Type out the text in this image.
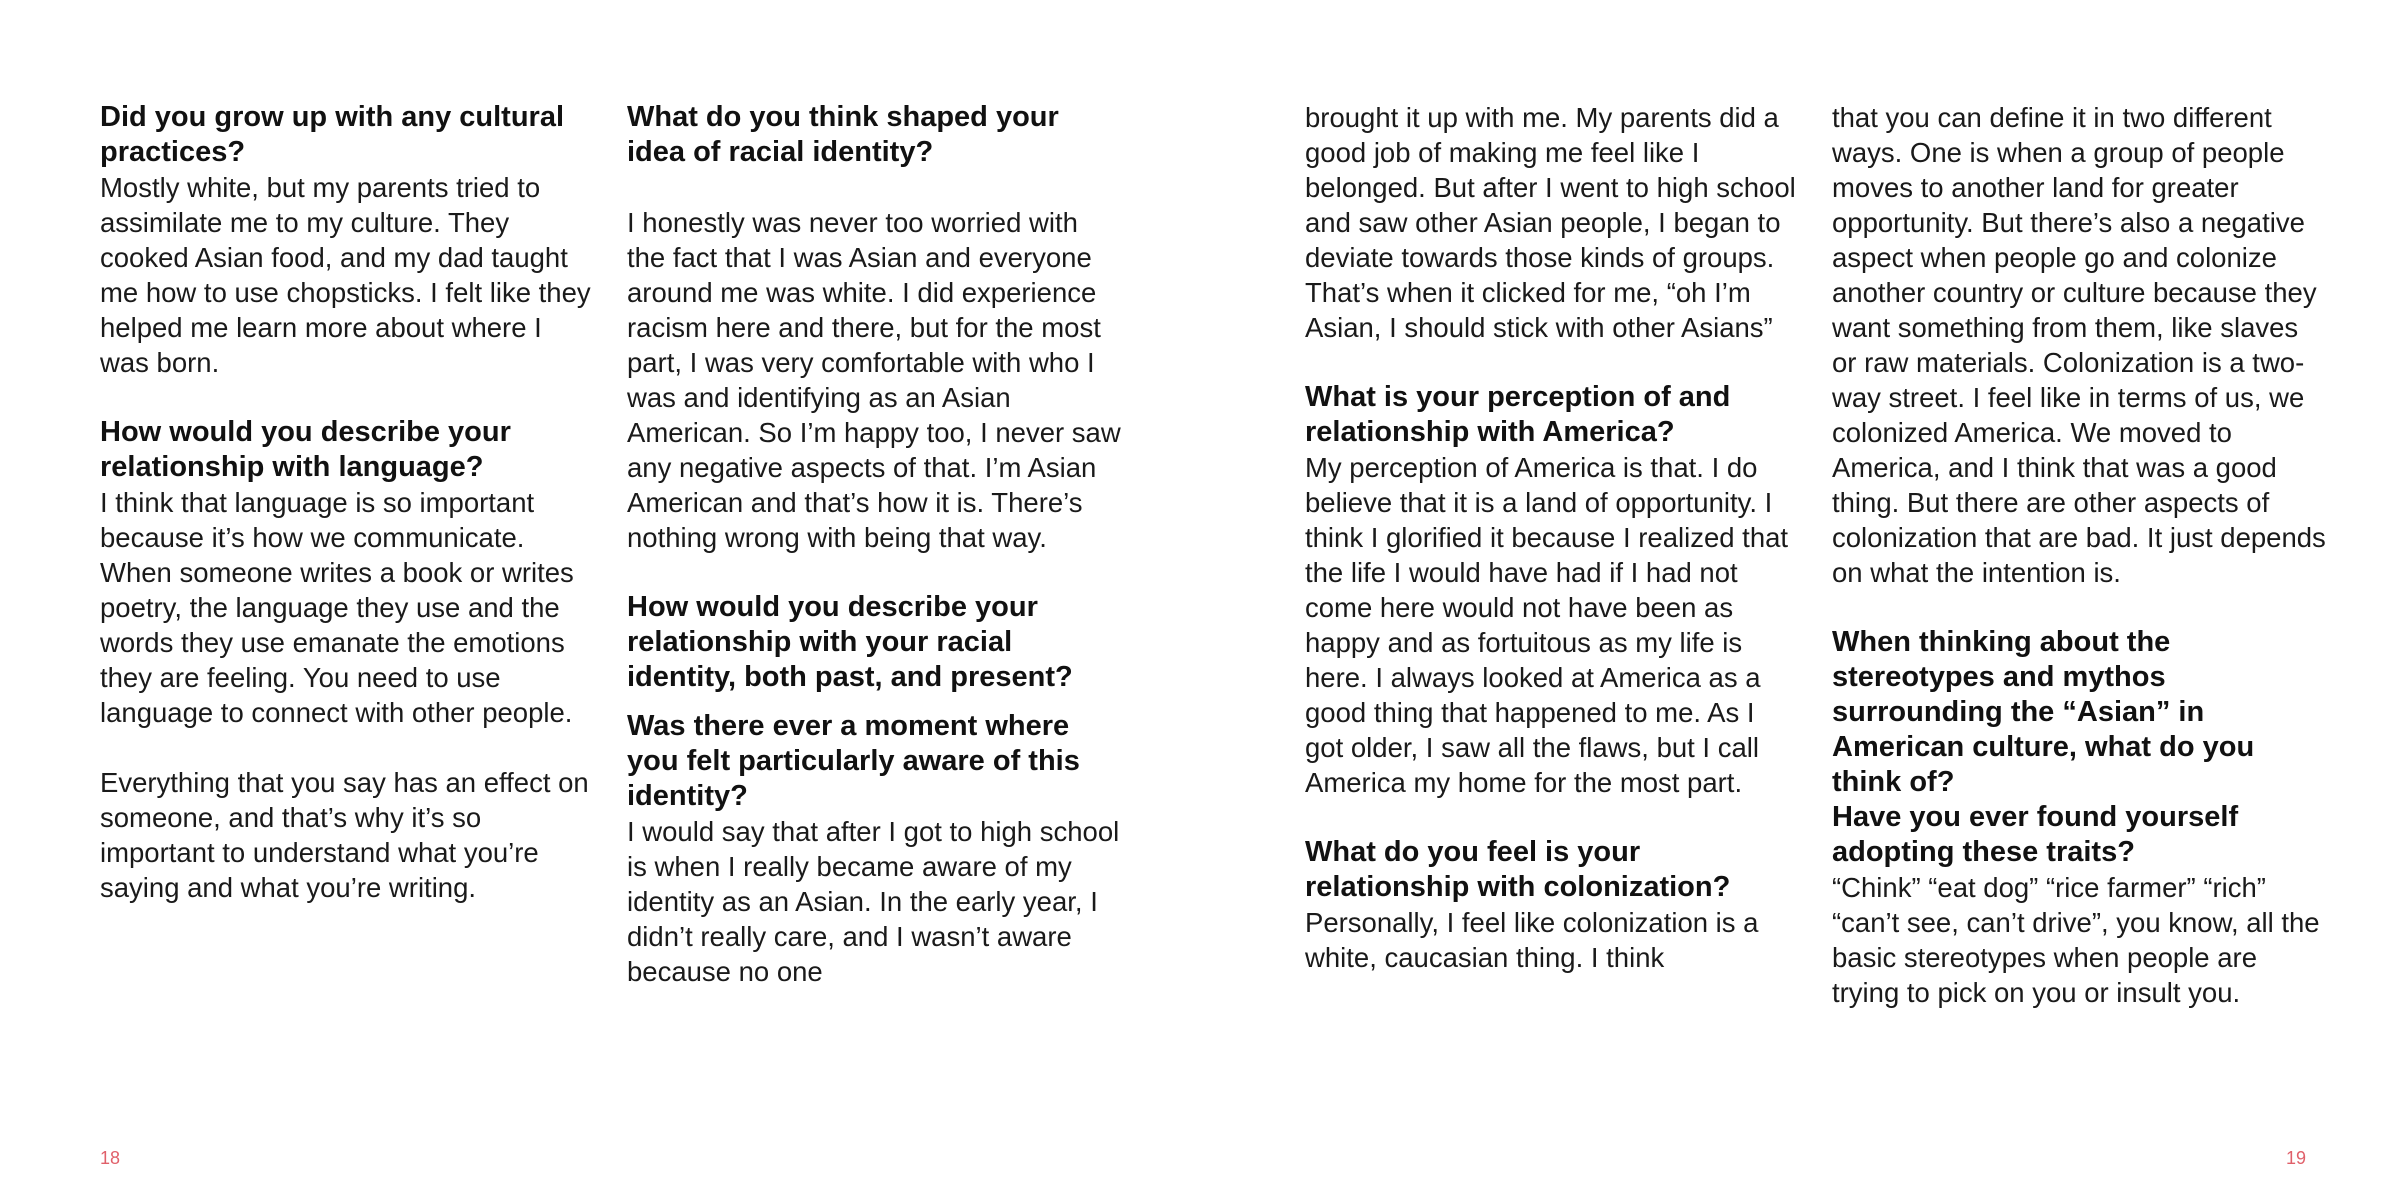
Did you grow up with any cultural practices?

Mostly white, but my parents tried to assimilate me to my culture. They cooked Asian food, and my dad taught me how to use chopsticks. I felt like they helped me learn more about where I was born.

How would you describe your relationship with language?

I think that language is so important because it’s how we communicate. When someone writes a book or writes poetry, the language they use and the words they use emanate the emotions they are feeling. You need to use language to connect with other people.

Everything that you say has an effect on someone, and that’s why it’s so important to understand what you’re saying and what you’re writing.

What do you think shaped your idea of racial identity?

I honestly was never too worried with the fact that I was Asian and everyone around me was white. I did experience racism here and there, but for the most part, I was very comfortable with who I was and identifying as an Asian American. So I’m happy too, I never saw any negative aspects of that. I’m Asian American and that’s how it is. There’s nothing wrong with being that way.

How would you describe your relationship with your racial identity, both past, and present?

Was there ever a moment where you felt particularly aware of this identity?

I would say that after I got to high school is when I really became aware of my identity as an Asian. In the early year, I didn’t really care, and I wasn’t aware because no one

18

brought it up with me. My parents did a good job of making me feel like I belonged. But after I went to high school and saw other Asian people, I began to deviate towards those kinds of groups. That’s when it clicked for me, “oh I’m Asian, I should stick with other Asians”

What is your perception of and relationship with America?

My perception of America is that. I do believe that it is a land of opportunity. I think I glorified it because I realized that the life I would have had if I had not come here would not have been as happy and as fortuitous as my life is here. I always looked at America as a good thing that happened to me. As I got older, I saw all the flaws, but I call America my home for the most part.

What do you feel is your relationship with colonization?

Personally, I feel like colonization is a white, caucasian thing. I think

that you can define it in two different ways. One is when a group of people moves to another land for greater opportunity. But there’s also a negative aspect when people go and colonize another country or culture because they want something from them, like slaves or raw materials. Colonization is a two-way street. I feel like in terms of us, we colonized America. We moved to America, and I think that was a good thing. But there are other aspects of colonization that are bad. It just depends on what the intention is.

When thinking about the stereotypes and mythos surrounding the “Asian” in American culture, what do you think of?

Have you ever found yourself adopting these traits?

“Chink” “eat dog” “rice farmer” “rich” “can’t see, can’t drive”, you know, all the basic stereotypes when people are trying to pick on you or insult you.

19
